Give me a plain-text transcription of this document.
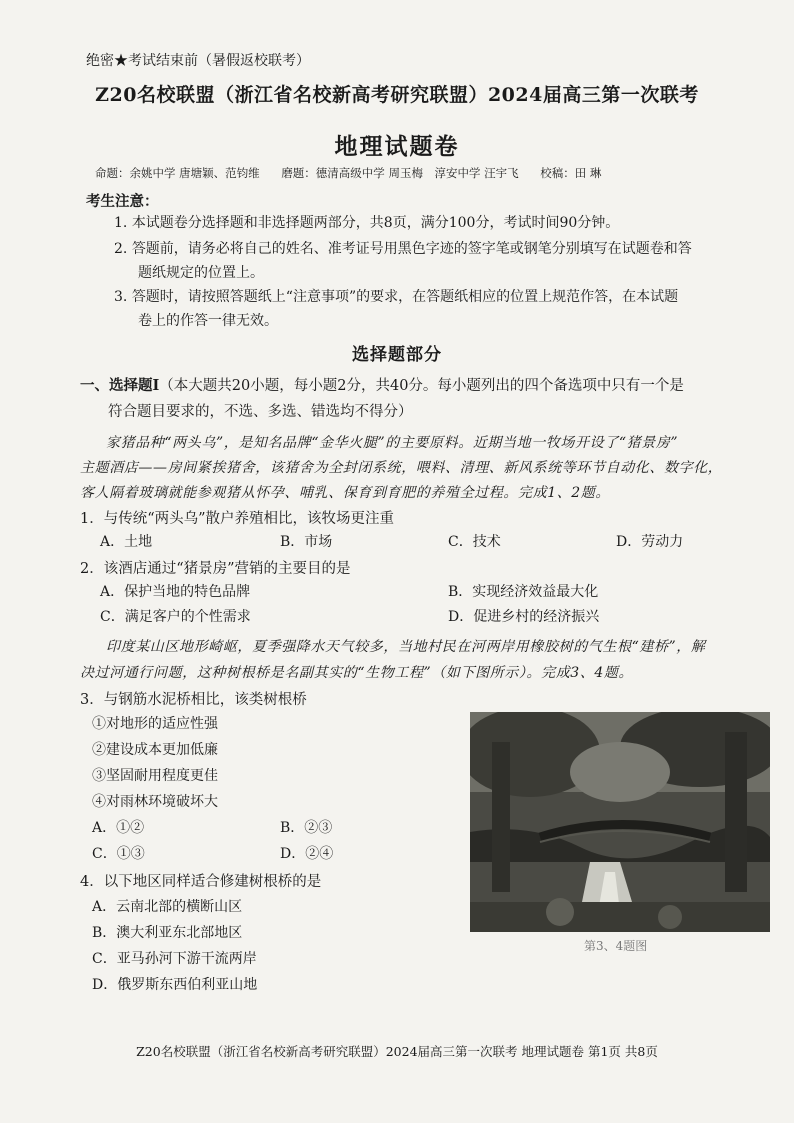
绝密★考试结束前（暑假返校联考）
Z20名校联盟（浙江省名校新高考研究联盟）2024届高三第一次联考
地理试题卷
命题：余姚中学 唐塘颖、范钧维 磨题：德清高级中学 周玉梅　淳安中学 汪宇飞 校稿：田 琳
考生注意：
1. 本试题卷分选择题和非选择题两部分，共8页，满分100分，考试时间90分钟。
2. 答题前，请务必将自己的姓名、准考证号用黑色字迹的签字笔或钢笔分别填写在试题卷和答
题纸规定的位置上。
3. 答题时，请按照答题纸上“注意事项”的要求，在答题纸相应的位置上规范作答，在本试题
卷上的作答一律无效。
选择题部分
一、选择题Ⅰ（本大题共20小题，每小题2分，共40分。每小题列出的四个备选项中只有一个是
符合题目要求的，不选、多选、错选均不得分）
家猪品种“两头乌”，是知名品牌“金华火腿”的主要原料。近期当地一牧场开设了“猪景房”
主题酒店——房间紧挨猪舍，该猪舍为全封闭系统，喂料、清理、新风系统等环节自动化、数字化，
客人隔着玻璃就能参观猪从怀孕、哺乳、保育到育肥的养殖全过程。完成1、2题。
1．与传统“两头乌”散户养殖相比，该牧场更注重
A．土地	B．市场	C．技术	D．劳动力
2．该酒店通过“猪景房”营销的主要目的是
A．保护当地的特色品牌	B．实现经济效益最大化
C．满足客户的个性需求	D．促进乡村的经济振兴
印度某山区地形崎岖，夏季强降水天气较多，当地村民在河两岸用橡胶树的气生根“建桥”，解
决过河通行问题，这种树根桥是名副其实的“生物工程”（如下图所示）。完成3、4题。
3．与钢筋水泥桥相比，该类树根桥
①对地形的适应性强
②建设成本更加低廉
③坚固耐用程度更佳
④对雨林环境破坏大
A．①②	B．②③
C．①③	D．②④
4．以下地区同样适合修建树根桥的是
A．云南北部的横断山区
B．澳大利亚东北部地区
C．亚马孙河下游干流两岸
D．俄罗斯东西伯利亚山地
第3、4题图
Z20名校联盟（浙江省名校新高考研究联盟）2024届高三第一次联考 地理试题卷 第1页 共8页
